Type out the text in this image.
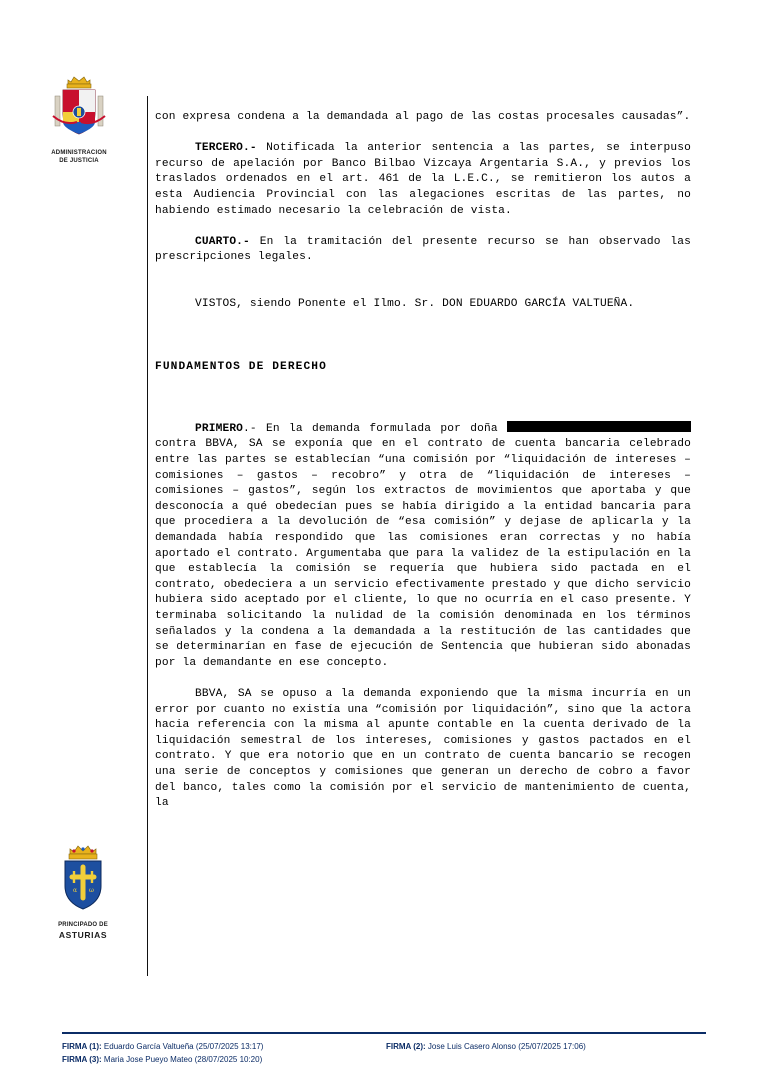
ADMINISTRACION
DE JUSTICIA
α ω
PRINCIPADO DE
ASTURIAS

con expresa condena a la demandada al pago de las costas procesales causadas”.

TERCERO.- Notificada la anterior sentencia a las partes, se interpuso recurso de apelación por Banco Bilbao Vizcaya Argentaria S.A., y previos los traslados ordenados en el art. 461 de la L.E.C., se remitieron los autos a esta Audiencia Provincial con las alegaciones escritas de las partes, no habiendo estimado necesario la celebración de vista.

CUARTO.- En la tramitación del presente recurso se han observado las prescripciones legales.

VISTOS, siendo Ponente el Ilmo. Sr. DON EDUARDO GARCÍA VALTUEÑA.

FUNDAMENTOS DE DERECHO

PRIMERO.- En la demanda formulada por doña  contra BBVA, SA se exponía que en el contrato de cuenta bancaria celebrado entre las partes se establecían “una comisión por “liquidación de intereses – comisiones – gastos – recobro” y otra de “liquidación de intereses – comisiones – gastos”, según los extractos de movimientos que aportaba y que desconocía a qué obedecían pues se había dirigido a la entidad bancaria para que procediera a la devolución de “esa comisión” y dejase de aplicarla y la demandada había respondido que las comisiones eran correctas y no había aportado el contrato. Argumentaba que para la validez de la estipulación en la que establecía la comisión se requería que hubiera sido pactada en el contrato, obedeciera a un servicio efectivamente prestado y que dicho servicio hubiera sido aceptado por el cliente, lo que no ocurría en el caso presente. Y terminaba solicitando la nulidad de la comisión denominada en los términos señalados y la condena a la demandada a la restitución de las cantidades que se determinarían en fase de ejecución de Sentencia que hubieran sido abonadas por la demandante en ese concepto.

BBVA, SA se opuso a la demanda exponiendo que la misma incurría en un error por cuanto no existía una “comisión por liquidación”, sino que la actora hacia referencia con la misma al apunte contable en la cuenta derivado de la liquidación semestral de los intereses, comisiones y gastos pactados en el contrato. Y que era notorio que en un contrato de cuenta bancario se recogen una serie de conceptos y comisiones que generan un derecho de cobro a favor del banco, tales como la comisión por el servicio de mantenimiento de cuenta, la

FIRMA (1): Eduardo García Valtueña (25/07/2025 13:17)	FIRMA (2): Jose Luis Casero Alonso (25/07/2025 17:06)
FIRMA (3): Maria Jose Pueyo Mateo (28/07/2025 10:20)
